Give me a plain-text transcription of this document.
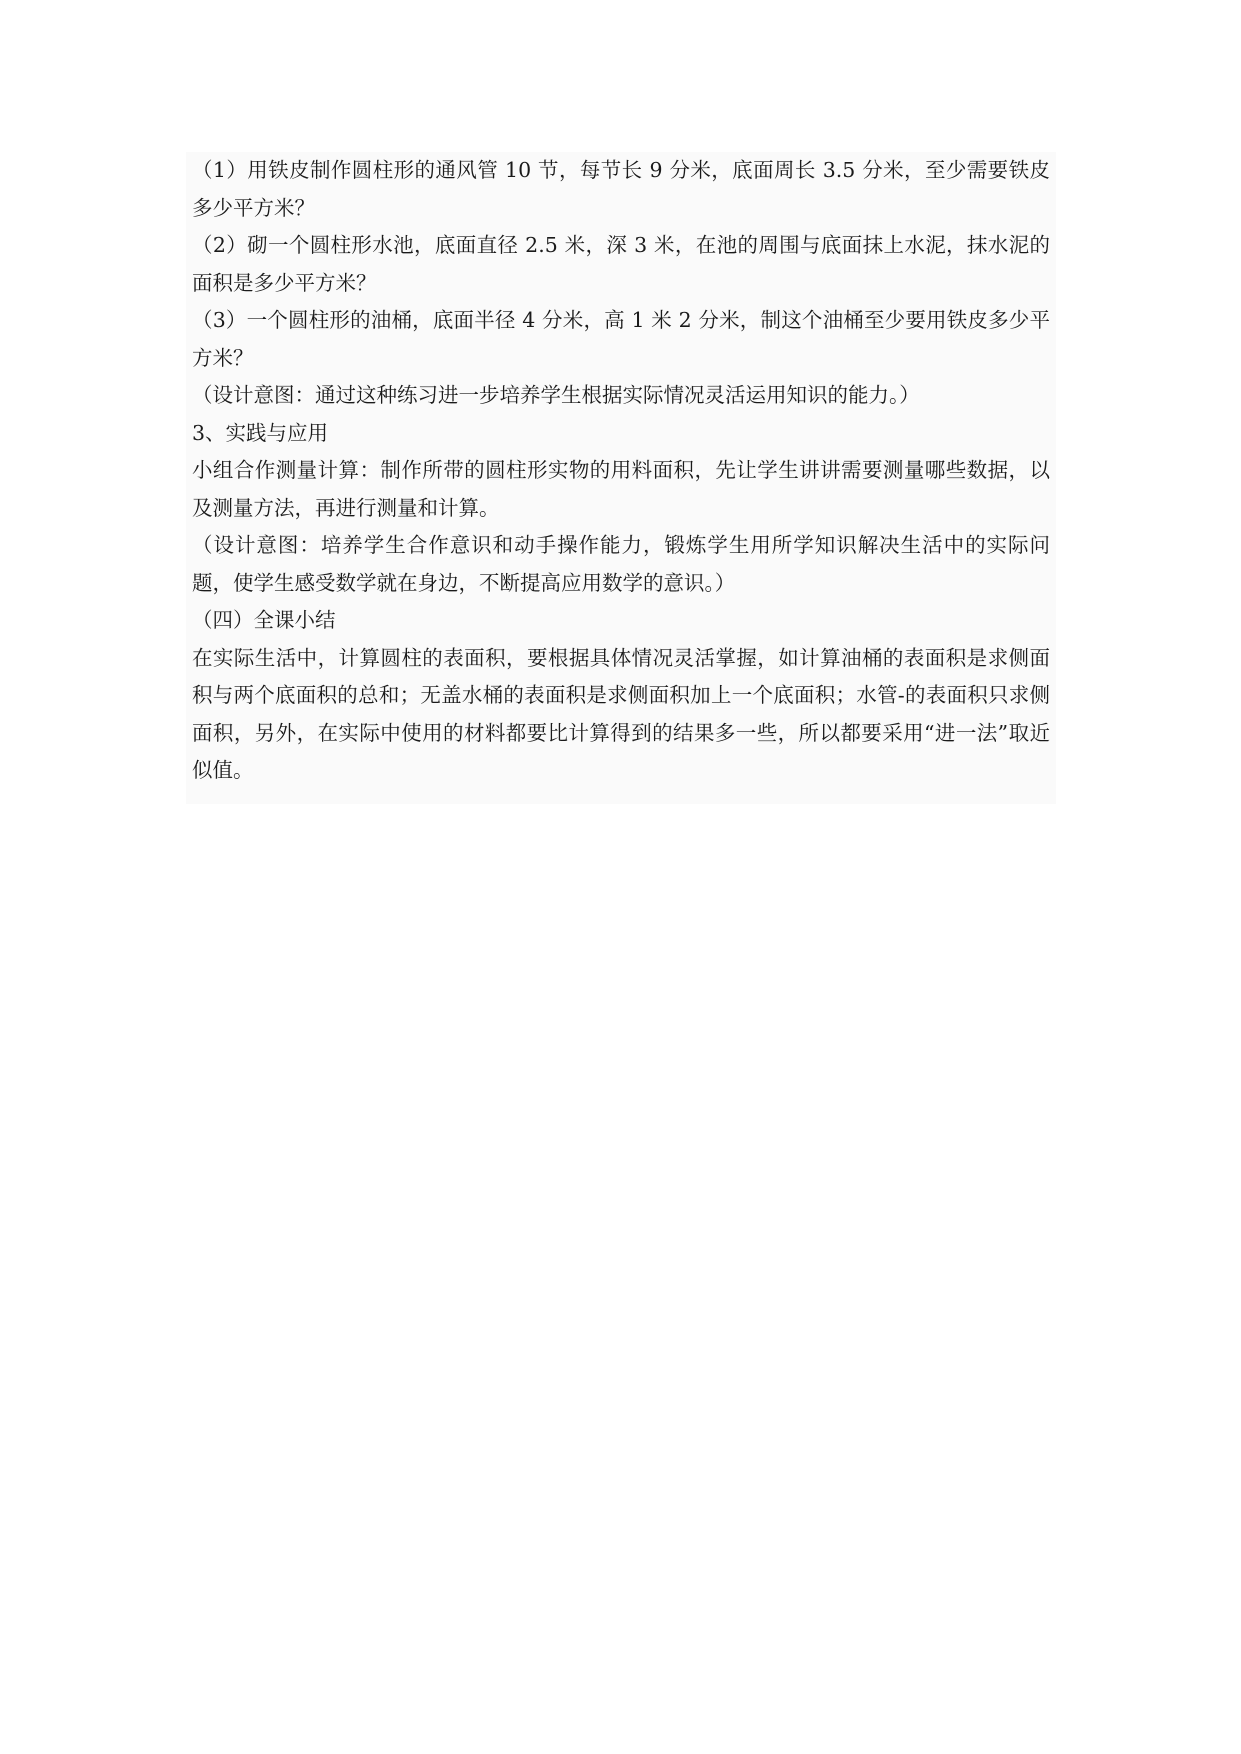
（1）用铁皮制作圆柱形的通风管 10 节，每节长 9 分米，底面周长 3.5 分米，至少需要铁皮多少平方米？

（2）砌一个圆柱形水池，底面直径 2.5 米，深 3 米，在池的周围与底面抹上水泥，抹水泥的面积是多少平方米？

（3）一个圆柱形的油桶，底面半径 4 分米，高 1 米 2 分米，制这个油桶至少要用铁皮多少平方米？

（设计意图：通过这种练习进一步培养学生根据实际情况灵活运用知识的能力。）

3、实践与应用

小组合作测量计算：制作所带的圆柱形实物的用料面积，先让学生讲讲需要测量哪些数据，以及测量方法，再进行测量和计算。

（设计意图：培养学生合作意识和动手操作能力，锻炼学生用所学知识解决生活中的实际问题，使学生感受数学就在身边，不断提高应用数学的意识。）

（四）全课小结

在实际生活中，计算圆柱的表面积，要根据具体情况灵活掌握，如计算油桶的表面积是求侧面积与两个底面积的总和；无盖水桶的表面积是求侧面积加上一个底面积；水管-的表面积只求侧面积，另外，在实际中使用的材料都要比计算得到的结果多一些，所以都要采用“进一法”取近似值。
